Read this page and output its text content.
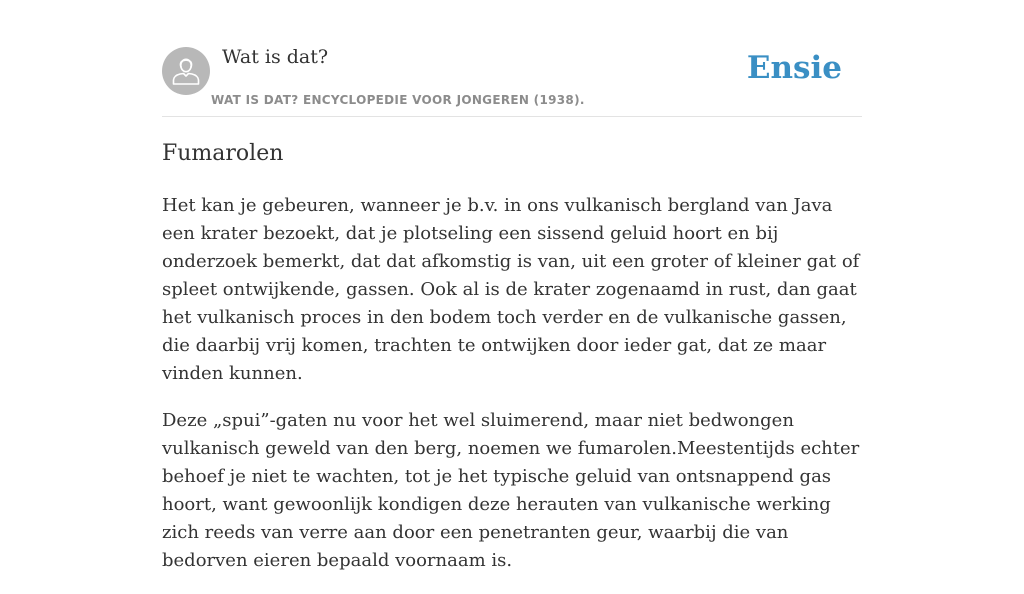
Wat is dat?
WAT IS DAT? ENCYCLOPEDIE VOOR JONGEREN (1938).
Ensie
Fumarolen

Het kan je gebeuren, wanneer je b.v. in ons vulkanisch bergland van Java een krater bezoekt, dat je plotseling een sissend geluid hoort en bij onderzoek bemerkt, dat dat afkomstig is van, uit een groter of kleiner gat of spleet ontwijkende, gassen. Ook al is de krater zogenaamd in rust, dan gaat het vulkanisch proces in den bodem toch verder en de vulkanische gassen, die daarbij vrij komen, trachten te ontwijken door ieder gat, dat ze maar vinden kunnen.

Deze „spui”-gaten nu voor het wel sluimerend, maar niet bedwongen vulkanisch geweld van den berg, noemen we fumarolen.Meestentijds echter behoef je niet te wachten, tot je het typische geluid van ontsnappend gas hoort, want gewoonlijk kondigen deze herauten van vulkanische werking zich reeds van verre aan door een penetranten geur, waarbij die van bedorven eieren bepaald voornaam is.
